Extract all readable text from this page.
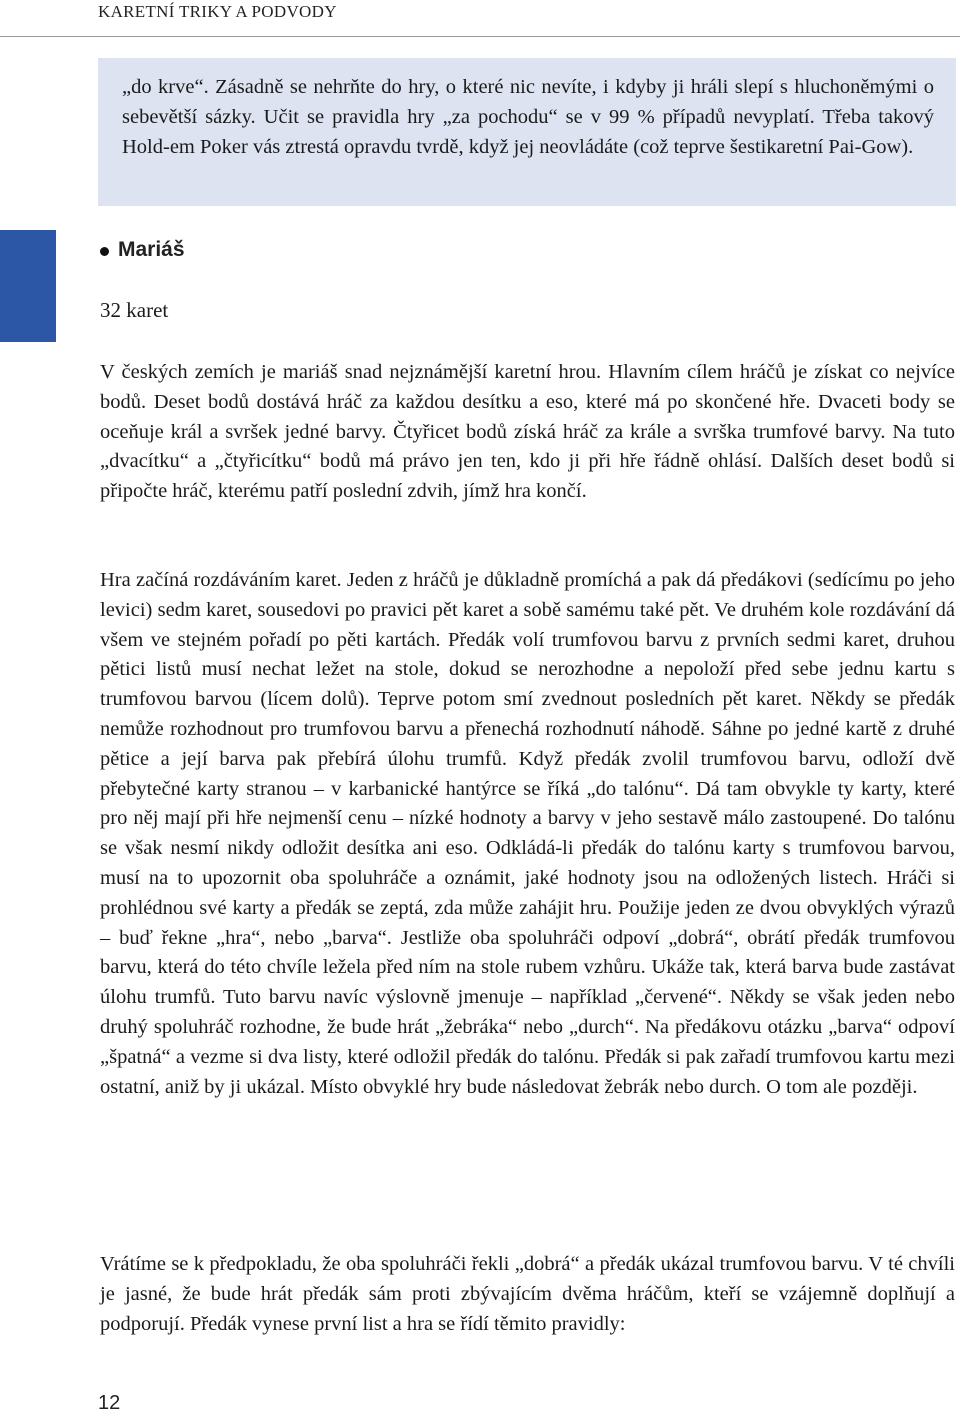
KARETNÍ TRIKY A PODVODY
„do krve“. Zásadně se nehrňte do hry, o které nic nevíte, i kdyby ji hráli slepí s hluchoněmými o sebevětší sázky. Učit se pravidla hry „za pochodu“ se v 99 % případů nevyplatí. Třeba takový Hold-em Poker vás ztrestá opravdu tvrdě, když jej neovládáte (což teprve šestikaretní Pai-Gow).
Mariáš
32 karet

V českých zemích je mariáš snad nejznámější karetní hrou. Hlavním cílem hráčů je získat co nejvíce bodů. Deset bodů dostává hráč za každou desítku a eso, které má po skončené hře. Dvaceti body se oceňuje král a svršek jedné barvy. Čtyřicet bodů získá hráč za krále a svrška trumfové barvy. Na tuto „dvacítku“ a „čtyřicítku“ bodů má právo jen ten, kdo ji při hře řádně ohlásí. Dalších deset bodů si připočte hráč, kterému patří poslední zdvih, jímž hra končí.

Hra začíná rozdáváním karet. Jeden z hráčů je důkladně promíchá a pak dá předákovi (sedícímu po jeho levici) sedm karet, sousedovi po pravici pět karet a sobě samému také pět. Ve druhém kole rozdávání dá všem ve stejném pořadí po pěti kartách. Předák volí trumfovou barvu z prvních sedmi karet, druhou pětici listů musí nechat ležet na stole, dokud se nerozhodne a nepoloží před sebe jednu kartu s trumfovou barvou (lícem dolů). Teprve potom smí zvednout posledních pět karet. Někdy se předák nemůže rozhodnout pro trumfovou barvu a přenechá rozhodnutí náhodě. Sáhne po jedné kartě z druhé pětice a její barva pak přebírá úlohu trumfů. Když předák zvolil trumfovou barvu, odloží dvě přebytečné karty stranou – v karbanické hantýrce se říká „do talónu“. Dá tam obvykle ty karty, které pro něj mají při hře nejmenší cenu – nízké hodnoty a barvy v jeho sestavě málo zastoupené. Do talónu se však nesmí nikdy odložit desítka ani eso. Odkládá-li předák do talónu karty s trumfovou barvou, musí na to upozornit oba spoluhráče a oznámit, jaké hodnoty jsou na odložených listech. Hráči si prohlédnou své karty a předák se zeptá, zda může zahájit hru. Použije jeden ze dvou obvyklých výrazů – buď řekne „hra“, nebo „barva“. Jestliže oba spoluhráči odpoví „dobrá“, obrátí předák trumfovou barvu, která do této chvíle ležela před ním na stole rubem vzhůru. Ukáže tak, která barva bude zastávat úlohu trumfů. Tuto barvu navíc výslovně jmenuje – například „červené“. Někdy se však jeden nebo druhý spoluhráč rozhodne, že bude hrát „žebráka“ nebo „durch“. Na předákovu otázku „barva“ odpoví „špatná“ a vezme si dva listy, které odložil předák do talónu. Předák si pak zařadí trumfovou kartu mezi ostatní, aniž by ji ukázal. Místo obvyklé hry bude následovat žebrák nebo durch. O tom ale později.

Vrátíme se k předpokladu, že oba spoluhráči řekli „dobrá“ a předák ukázal trumfovou barvu. V té chvíli je jasné, že bude hrát předák sám proti zbývajícím dvěma hráčům, kteří se vzájemně doplňují a podporují. Předák vynese první list a hra se řídí těmito pravidly:

12
